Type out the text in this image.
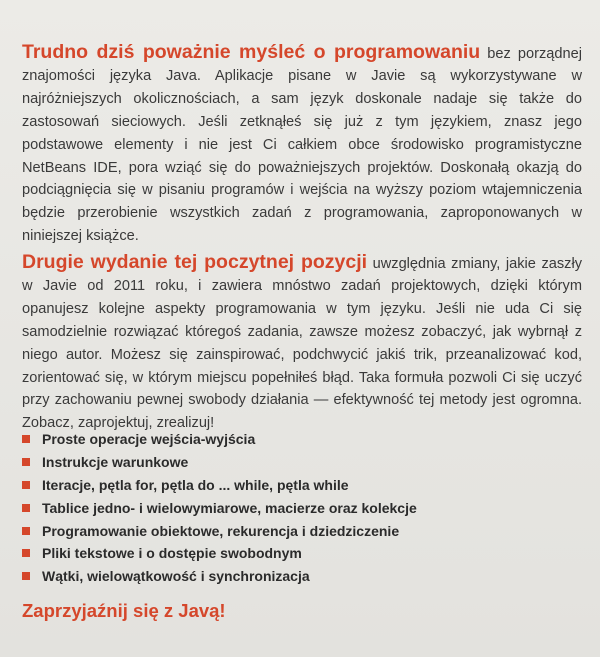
Trudno dziś poważnie myśleć o programowaniu bez porządnej znajomości języka Java. Aplikacje pisane w Javie są wykorzystywane w najróżniejszych okolicznościach, a sam język doskonale nadaje się także do zastosowań sieciowych. Jeśli zetknąłeś się już z tym językiem, znasz jego podstawowe elementy i nie jest Ci całkiem obce środowisko programistyczne NetBeans IDE, pora wziąć się do poważniejszych projektów. Doskonałą okazją do podciągnięcia się w pisaniu programów i wejścia na wyższy poziom wtajemniczenia będzie przerobienie wszystkich zadań z programowania, zaproponowanych w niniejszej książce.

Drugie wydanie tej poczytnej pozycji uwzględnia zmiany, jakie zaszły w Javie od 2011 roku, i zawiera mnóstwo zadań projektowych, dzięki którym opanujesz kolejne aspekty programowania w tym języku. Jeśli nie uda Ci się samodzielnie rozwiązać któregoś zadania, zawsze możesz zobaczyć, jak wybrnął z niego autor. Możesz się zainspirować, podchwycić jakiś trik, przeanalizować kod, zorientować się, w którym miejscu popełniłeś błąd. Taka formuła pozwoli Ci się uczyć przy zachowaniu pewnej swobody działania — efektywność tej metody jest ogromna. Zobacz, zaprojektuj, zrealizuj!

Proste operacje wejścia-wyjścia
Instrukcje warunkowe
Iteracje, pętla for, pętla do ... while, pętla while
Tablice jedno- i wielowymiarowe, macierze oraz kolekcje
Programowanie obiektowe, rekurencja i dziedziczenie
Pliki tekstowe i o dostępie swobodnym
Wątki, wielowątkowość i synchronizacja
Zaprzyjaźnij się z Javą!
